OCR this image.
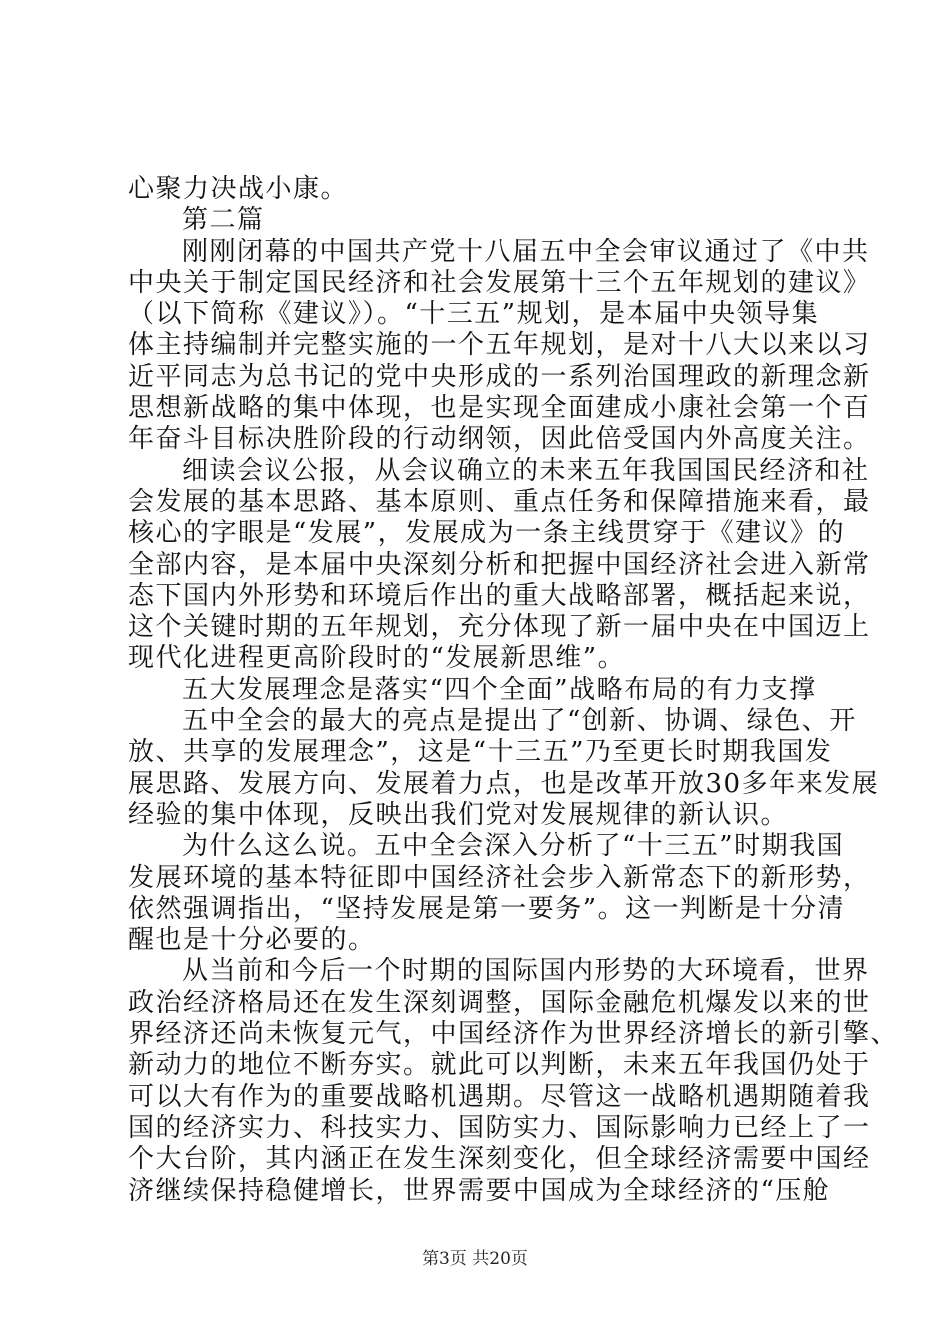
心聚力决战小康。
第二篇
刚刚闭幕的中国共产党十八届五中全会审议通过了《中共
中央关于制定国民经济和社会发展第十三个五年规划的建议》
（以下简称《建议》）。“十三五”规划，是本届中央领导集
体主持编制并完整实施的一个五年规划，是对十八大以来以习
近平同志为总书记的党中央形成的一系列治国理政的新理念新
思想新战略的集中体现，也是实现全面建成小康社会第一个百
年奋斗目标决胜阶段的行动纲领，因此倍受国内外高度关注。
细读会议公报，从会议确立的未来五年我国国民经济和社
会发展的基本思路、基本原则、重点任务和保障措施来看，最
核心的字眼是“发展”，发展成为一条主线贯穿于《建议》的
全部内容，是本届中央深刻分析和把握中国经济社会进入新常
态下国内外形势和环境后作出的重大战略部署，概括起来说，
这个关键时期的五年规划，充分体现了新一届中央在中国迈上
现代化进程更高阶段时的“发展新思维”。
五大发展理念是落实“四个全面”战略布局的有力支撑
五中全会的最大的亮点是提出了“创新、协调、绿色、开
放、共享的发展理念”，这是“十三五”乃至更长时期我国发
展思路、发展方向、发展着力点，也是改革开放30多年来发展
经验的集中体现，反映出我们党对发展规律的新认识。
为什么这么说。五中全会深入分析了“十三五”时期我国
发展环境的基本特征即中国经济社会步入新常态下的新形势，
依然强调指出，“坚持发展是第一要务”。这一判断是十分清
醒也是十分必要的。
从当前和今后一个时期的国际国内形势的大环境看，世界
政治经济格局还在发生深刻调整，国际金融危机爆发以来的世
界经济还尚未恢复元气，中国经济作为世界经济增长的新引擎、
新动力的地位不断夯实。就此可以判断，未来五年我国仍处于
可以大有作为的重要战略机遇期。尽管这一战略机遇期随着我
国的经济实力、科技实力、国防实力、国际影响力已经上了一
个大台阶，其内涵正在发生深刻变化，但全球经济需要中国经
济继续保持稳健增长，世界需要中国成为全球经济的“压舱
第3页 共20页
